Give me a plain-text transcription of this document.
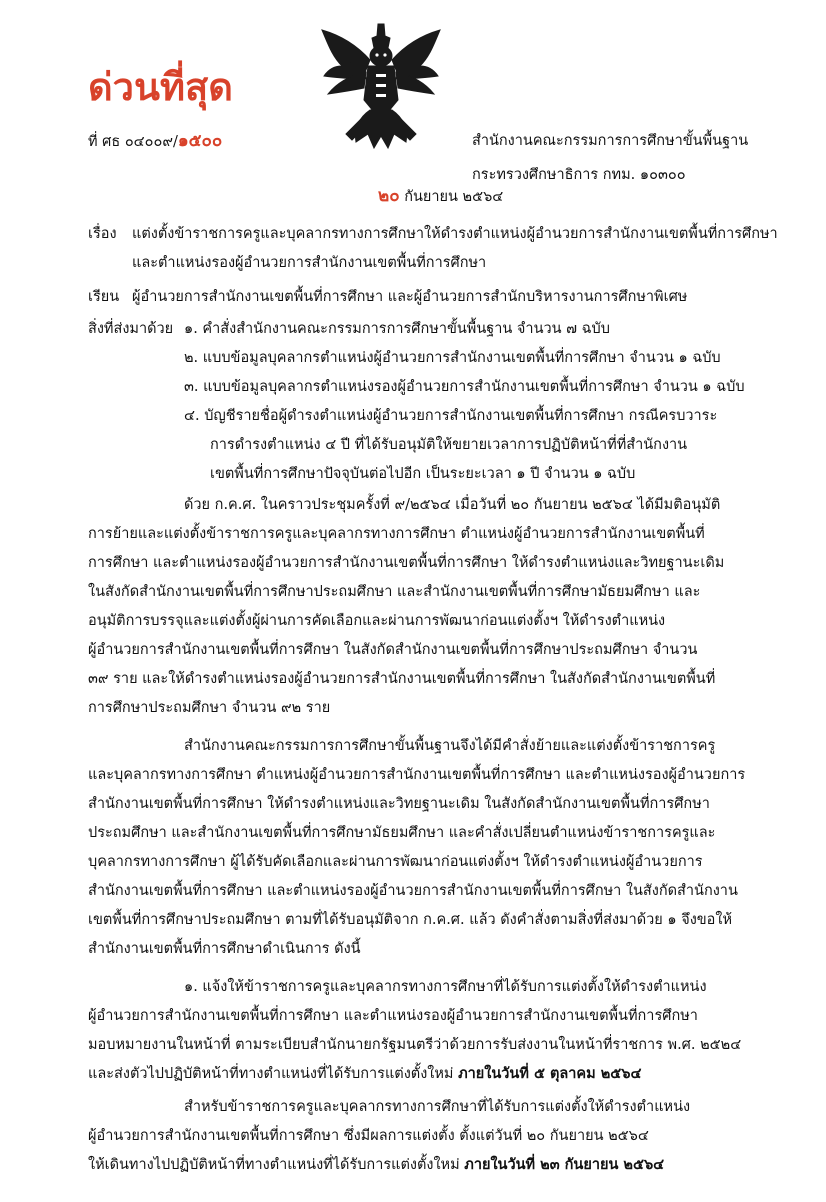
ด่วนที่สุด
ที่ ศธ ๐๔๐๐๙/๑๕๐๐	สำนักงานคณะกรรมการการศึกษาขั้นพื้นฐาน
กระทรวงศึกษาธิการ กทม. ๑๐๓๐๐
๒๐ กันยายน ๒๕๖๔
เรื่อง แต่งตั้งข้าราชการครูและบุคลากรทางการศึกษาให้ดำรงตำแหน่งผู้อำนวยการสำนักงานเขตพื้นที่การศึกษา
และตำแหน่งรองผู้อำนวยการสำนักงานเขตพื้นที่การศึกษา
เรียน ผู้อำนวยการสำนักงานเขตพื้นที่การศึกษา และผู้อำนวยการสำนักบริหารงานการศึกษาพิเศษ
สิ่งที่ส่งมาด้วย ๑. คำสั่งสำนักงานคณะกรรมการการศึกษาขั้นพื้นฐาน จำนวน ๗ ฉบับ
๒. แบบข้อมูลบุคลากรตำแหน่งผู้อำนวยการสำนักงานเขตพื้นที่การศึกษา จำนวน ๑ ฉบับ
๓. แบบข้อมูลบุคลากรตำแหน่งรองผู้อำนวยการสำนักงานเขตพื้นที่การศึกษา จำนวน ๑ ฉบับ
๔. บัญชีรายชื่อผู้ดำรงตำแหน่งผู้อำนวยการสำนักงานเขตพื้นที่การศึกษา กรณีครบวาระ
การดำรงตำแหน่ง ๔ ปี ที่ได้รับอนุมัติให้ขยายเวลาการปฏิบัติหน้าที่ที่สำนักงาน
เขตพื้นที่การศึกษาปัจจุบันต่อไปอีก เป็นระยะเวลา ๑ ปี จำนวน ๑ ฉบับ
ด้วย ก.ค.ศ. ในคราวประชุมครั้งที่ ๙/๒๕๖๔ เมื่อวันที่ ๒๐ กันยายน ๒๕๖๔ ได้มีมติอนุมัติ
การย้ายและแต่งตั้งข้าราชการครูและบุคลากรทางการศึกษา ตำแหน่งผู้อำนวยการสำนักงานเขตพื้นที่
การศึกษา และตำแหน่งรองผู้อำนวยการสำนักงานเขตพื้นที่การศึกษา ให้ดำรงตำแหน่งและวิทยฐานะเดิม
ในสังกัดสำนักงานเขตพื้นที่การศึกษาประถมศึกษา และสำนักงานเขตพื้นที่การศึกษามัธยมศึกษา และ
อนุมัติการบรรจุและแต่งตั้งผู้ผ่านการคัดเลือกและผ่านการพัฒนาก่อนแต่งตั้งฯ ให้ดำรงตำแหน่ง
ผู้อำนวยการสำนักงานเขตพื้นที่การศึกษา ในสังกัดสำนักงานเขตพื้นที่การศึกษาประถมศึกษา จำนวน
๓๙ ราย และให้ดำรงตำแหน่งรองผู้อำนวยการสำนักงานเขตพื้นที่การศึกษา ในสังกัดสำนักงานเขตพื้นที่
การศึกษาประถมศึกษา จำนวน ๙๒ ราย
สำนักงานคณะกรรมการการศึกษาขั้นพื้นฐานจึงได้มีคำสั่งย้ายและแต่งตั้งข้าราชการครู
และบุคลากรทางการศึกษา ตำแหน่งผู้อำนวยการสำนักงานเขตพื้นที่การศึกษา และตำแหน่งรองผู้อำนวยการ
สำนักงานเขตพื้นที่การศึกษา ให้ดำรงตำแหน่งและวิทยฐานะเดิม ในสังกัดสำนักงานเขตพื้นที่การศึกษา
ประถมศึกษา และสำนักงานเขตพื้นที่การศึกษามัธยมศึกษา และคำสั่งเปลี่ยนตำแหน่งข้าราชการครูและ
บุคลากรทางการศึกษา ผู้ได้รับคัดเลือกและผ่านการพัฒนาก่อนแต่งตั้งฯ ให้ดำรงตำแหน่งผู้อำนวยการ
สำนักงานเขตพื้นที่การศึกษา และตำแหน่งรองผู้อำนวยการสำนักงานเขตพื้นที่การศึกษา ในสังกัดสำนักงาน
เขตพื้นที่การศึกษาประถมศึกษา ตามที่ได้รับอนุมัติจาก ก.ค.ศ. แล้ว ดังคำสั่งตามสิ่งที่ส่งมาด้วย ๑ จึงขอให้
สำนักงานเขตพื้นที่การศึกษาดำเนินการ ดังนี้
๑. แจ้งให้ข้าราชการครูและบุคลากรทางการศึกษาที่ได้รับการแต่งตั้งให้ดำรงตำแหน่ง
ผู้อำนวยการสำนักงานเขตพื้นที่การศึกษา และตำแหน่งรองผู้อำนวยการสำนักงานเขตพื้นที่การศึกษา
มอบหมายงานในหน้าที่ ตามระเบียบสำนักนายกรัฐมนตรีว่าด้วยการรับส่งงานในหน้าที่ราชการ พ.ศ. ๒๕๒๔
และส่งตัวไปปฏิบัติหน้าที่ทางตำแหน่งที่ได้รับการแต่งตั้งใหม่ ภายในวันที่ ๕ ตุลาคม ๒๕๖๔
สำหรับข้าราชการครูและบุคลากรทางการศึกษาที่ได้รับการแต่งตั้งให้ดำรงตำแหน่ง
ผู้อำนวยการสำนักงานเขตพื้นที่การศึกษา ซึ่งมีผลการแต่งตั้ง ตั้งแต่วันที่ ๒๐ กันยายน ๒๕๖๔
ให้เดินทางไปปฏิบัติหน้าที่ทางตำแหน่งที่ได้รับการแต่งตั้งใหม่ ภายในวันที่ ๒๓ กันยายน ๒๕๖๔
